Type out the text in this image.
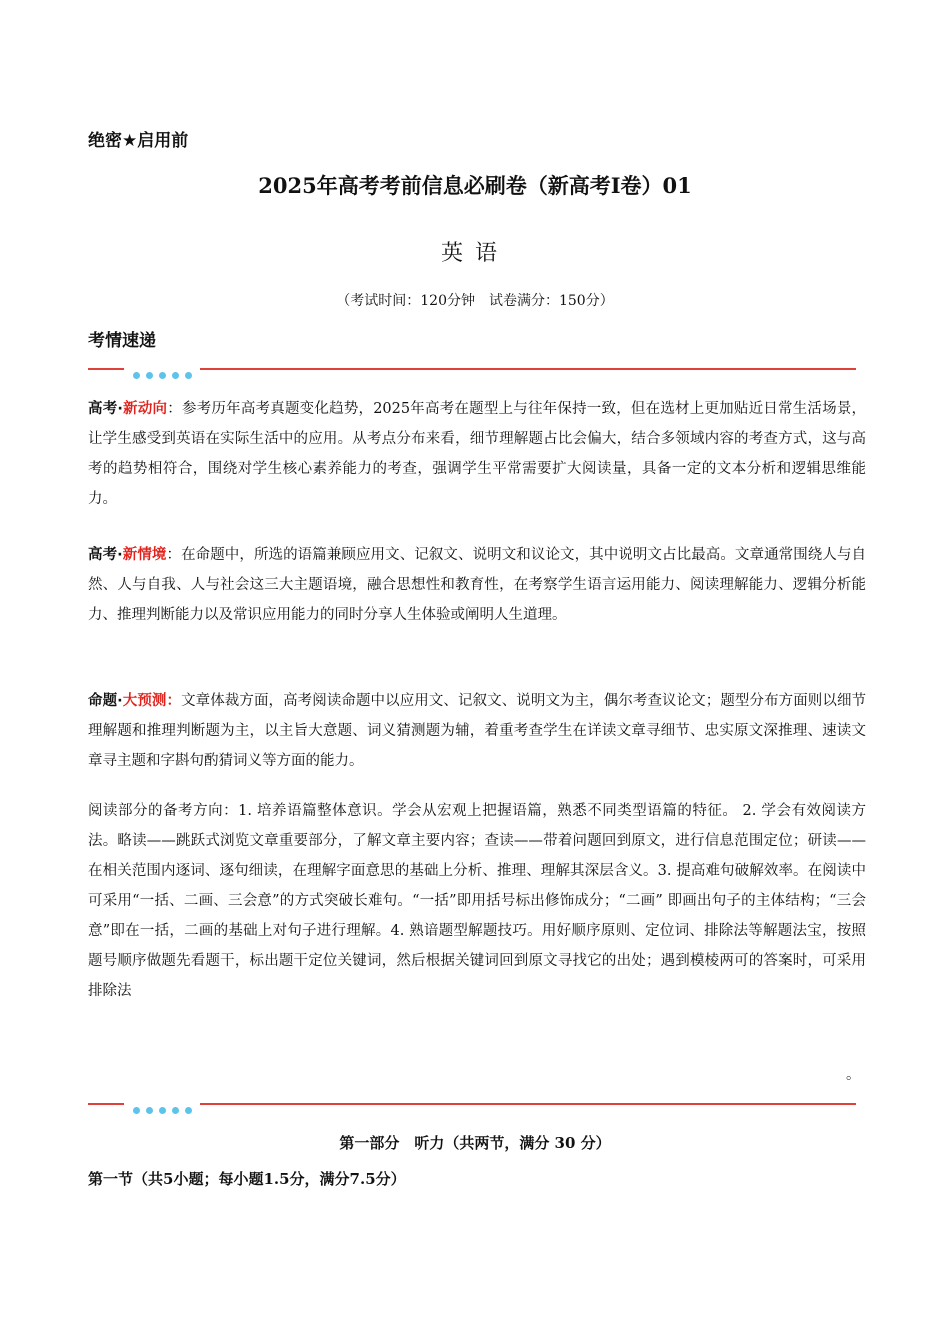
绝密★启用前
2025年高考考前信息必刷卷（新高考I卷）01
英语
（考试时间：120分钟　试卷满分：150分）
考情速递
高考·新动向：参考历年高考真题变化趋势，2025年高考在题型上与往年保持一致，但在选材上更加贴近日常生活场景，让学生感受到英语在实际生活中的应用。从考点分布来看，细节理解题占比会偏大，结合多领域内容的考查方式，这与高考的趋势相符合，围绕对学生核心素养能力的考查，强调学生平常需要扩大阅读量，具备一定的文本分析和逻辑思维能力。
高考·新情境：在命题中，所选的语篇兼顾应用文、记叙文、说明文和议论文，其中说明文占比最高。文章通常围绕人与自然、人与自我、人与社会这三大主题语境，融合思想性和教育性，在考察学生语言运用能力、阅读理解能力、逻辑分析能力、推理判断能力以及常识应用能力的同时分享人生体验或阐明人生道理。
命题·大预测：文章体裁方面，高考阅读命题中以应用文、记叙文、说明文为主，偶尔考查议论文；题型分布方面则以细节理解题和推理判断题为主，以主旨大意题、词义猜测题为辅，着重考查学生在详读文章寻细节、忠实原文深推理、速读文章寻主题和字斟句酌猜词义等方面的能力。
阅读部分的备考方向：1. 培养语篇整体意识。学会从宏观上把握语篇，熟悉不同类型语篇的特征。 2. 学会有效阅读方法。略读——跳跃式浏览文章重要部分，了解文章主要内容；查读——带着问题回到原文，进行信息范围定位；研读——在相关范围内逐词、逐句细读，在理解字面意思的基础上分析、推理、理解其深层含义。3. 提高难句破解效率。在阅读中可采用“一括、二画、三会意”的方式突破长难句。“一括”即用括号标出修饰成分；“二画” 即画出句子的主体结构；“三会意”即在一括，二画的基础上对句子进行理解。4. 熟谙题型解题技巧。用好顺序原则、定位词、排除法等解题法宝，按照题号顺序做题先看题干，标出题干定位关键词，然后根据关键词回到原文寻找它的出处；遇到模棱两可的答案时，可采用排除法
。
第一部分　听力（共两节，满分 30 分）
第一节（共5小题；每小题1.5分，满分7.5分）
